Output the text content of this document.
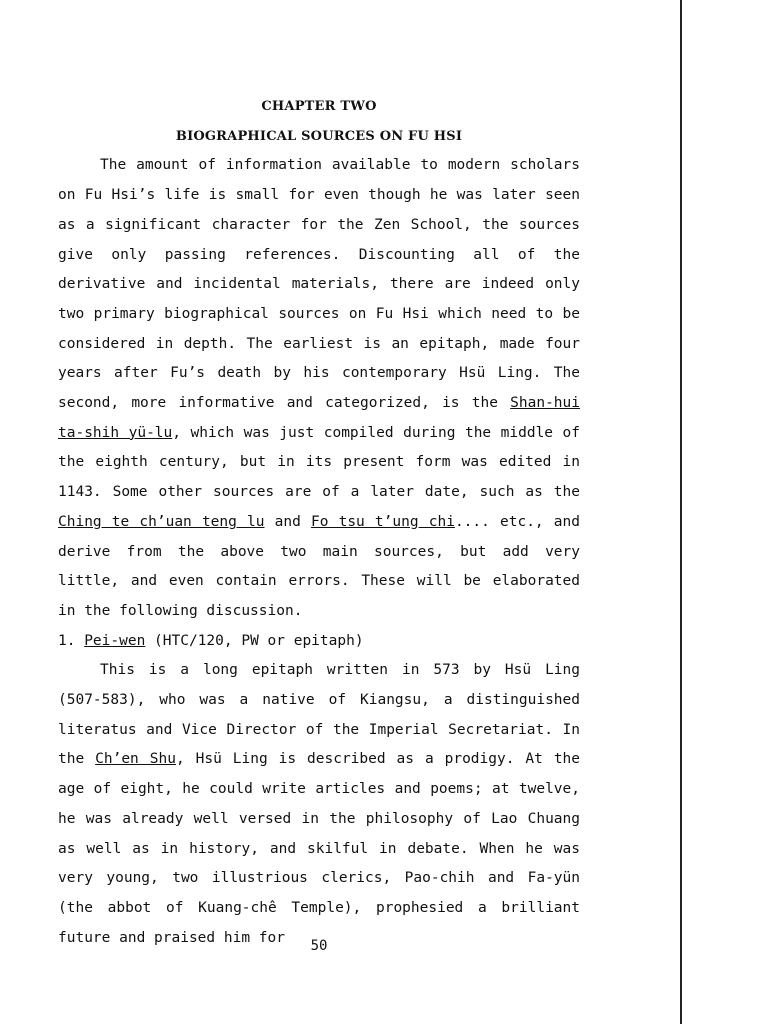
CHAPTER TWO
BIOGRAPHICAL SOURCES ON FU HSI

The amount of information available to modern scholars on Fu Hsi’s life is small for even though he was later seen as a significant character for the Zen School, the sources give only passing references. Discounting all of the derivative and incidental materials, there are indeed only two primary biographical sources on Fu Hsi which need to be considered in depth. The earliest is an epitaph, made four years after Fu’s death by his contemporary Hsü Ling. The second, more informative and categorized, is the Shan-hui ta-shih yü-lu, which was just compiled during the middle of the eighth century, but in its present form was edited in 1143. Some other sources are of a later date, such as the Ching te ch’uan teng lu and Fo tsu t’ung chi.... etc., and derive from the above two main sources, but add very little, and even contain errors. These will be elaborated in the following discussion.

1. Pei-wen (HTC/120, PW or epitaph)

This is a long epitaph written in 573 by Hsü Ling (507-583), who was a native of Kiangsu, a distinguished literatus and Vice Director of the Imperial Secretariat. In the Ch’en Shu, Hsü Ling is described as a prodigy. At the age of eight, he could write articles and poems; at twelve, he was already well versed in the philosophy of Lao Chuang as well as in history, and skilful in debate. When he was very young, two illustrious clerics, Pao-chih and Fa-yün (the abbot of Kuang-chê Temple), prophesied a brilliant future and praised him for

50
